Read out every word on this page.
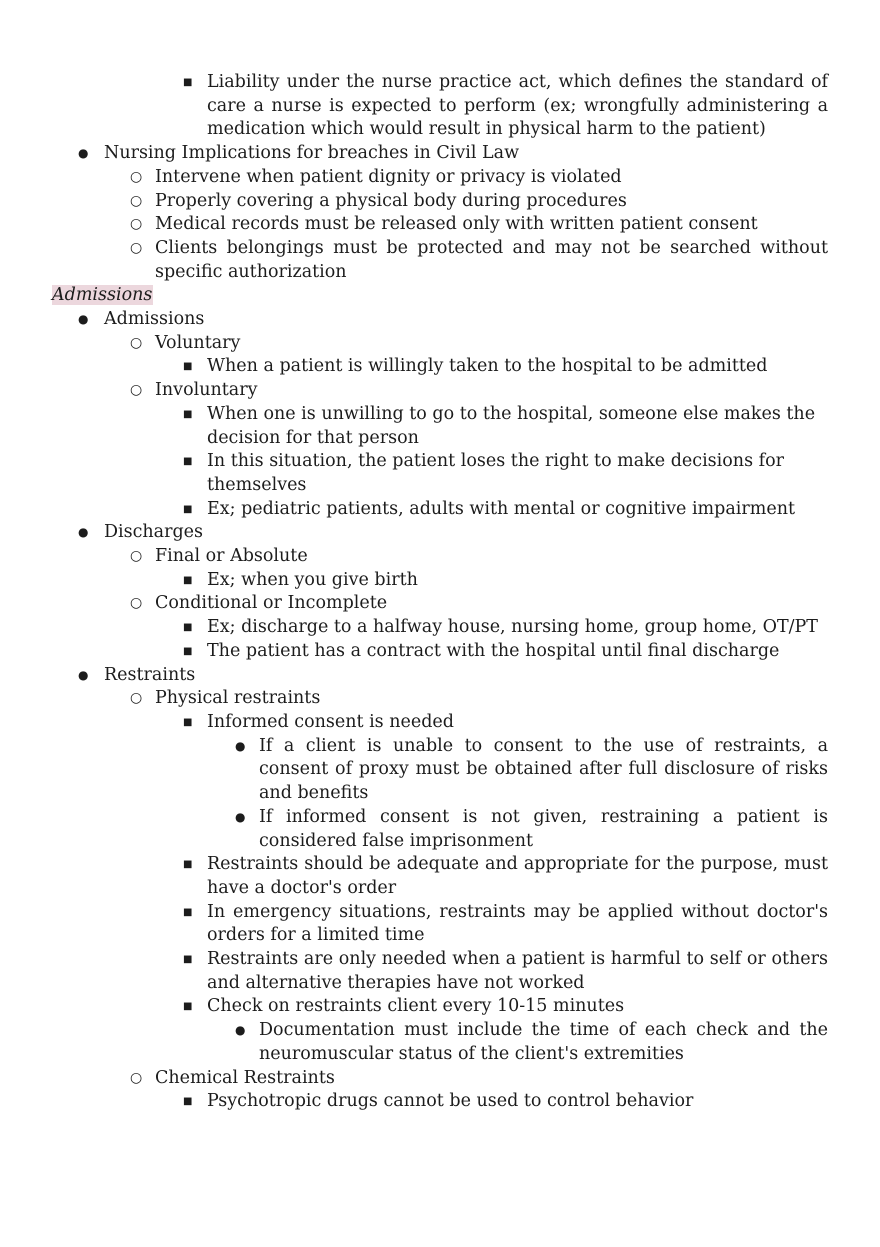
■ Liability under the nurse practice act, which defines the standard of care a nurse is expected to perform (ex; wrongfully administering a medication which would result in physical harm to the patient)
● Nursing Implications for breaches in Civil Law
○ Intervene when patient dignity or privacy is violated
○ Properly covering a physical body during procedures
○ Medical records must be released only with written patient consent
○ Clients belongings must be protected and may not be searched without specific authorization
Admissions
● Admissions
○ Voluntary
■ When a patient is willingly taken to the hospital to be admitted
○ Involuntary
■ When one is unwilling to go to the hospital, someone else makes the decision for that person
■ In this situation, the patient loses the right to make decisions for themselves
■ Ex; pediatric patients, adults with mental or cognitive impairment
● Discharges
○ Final or Absolute
■ Ex; when you give birth
○ Conditional or Incomplete
■ Ex; discharge to a halfway house, nursing home, group home, OT/PT
■ The patient has a contract with the hospital until final discharge
● Restraints
○ Physical restraints
■ Informed consent is needed
● If a client is unable to consent to the use of restraints, a consent of proxy must be obtained after full disclosure of risks and benefits
● If informed consent is not given, restraining a patient is considered false imprisonment
■ Restraints should be adequate and appropriate for the purpose, must have a doctor's order
■ In emergency situations, restraints may be applied without doctor's orders for a limited time
■ Restraints are only needed when a patient is harmful to self or others and alternative therapies have not worked
■ Check on restraints client every 10-15 minutes
● Documentation must include the time of each check and the neuromuscular status of the client's extremities
○ Chemical Restraints
■ Psychotropic drugs cannot be used to control behavior
